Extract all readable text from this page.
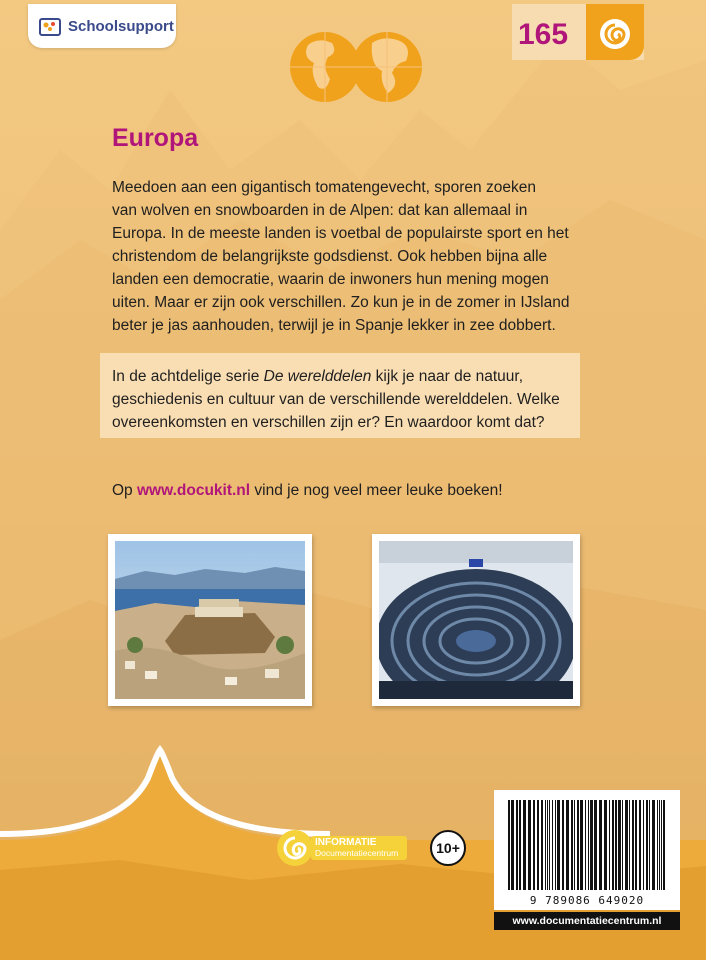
Schoolsupport	165
Europa
Meedoen aan een gigantisch tomatengevecht, sporen zoeken
van wolven en snowboarden in de Alpen: dat kan allemaal in
Europa. In de meeste landen is voetbal de populairste sport en het
christendom de belangrijkste godsdienst. Ook hebben bijna alle
landen een democratie, waarin de inwoners hun mening mogen
uiten. Maar er zijn ook verschillen. Zo kun je in de zomer in IJsland
beter je jas aanhouden, terwijl je in Spanje lekker in zee dobbert.
In de achtdelige serie De werelddelen kijk je naar de natuur,
geschiedenis en cultuur van de verschillende werelddelen. Welke
overeenkomsten en verschillen zijn er? En waardoor komt dat?
Op www.docukit.nl vind je nog veel meer leuke boeken!
INFORMATIE
Documentatiecentrum	10+
9 789086 649020
www.documentatiecentrum.nl
